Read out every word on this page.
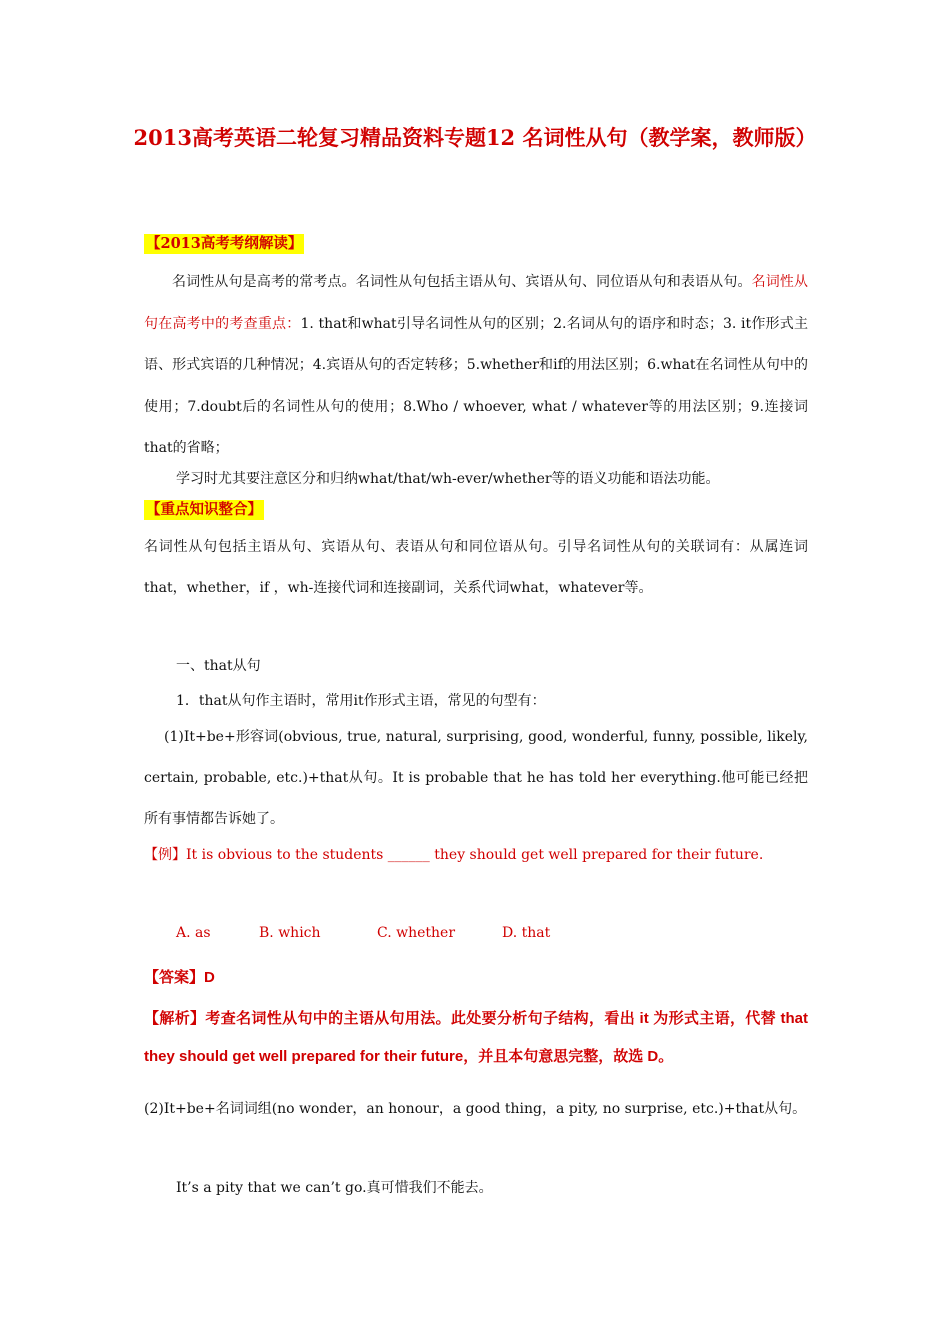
2013高考英语二轮复习精品资料专题12 名词性从句（教学案，教师版）
【2013高考考纲解读】
名词性从句是高考的常考点。名词性从句包括主语从句、宾语从句、同位语从句和表语从句。名词性从句在高考中的考查重点：1. that和what引导名词性从句的区别；2.名词从句的语序和时态；3. it作形式主语、形式宾语的几种情况；4.宾语从句的否定转移；5.whether和if的用法区别；6.what在名词性从句中的使用；7.doubt后的名词性从句的使用；8.Who / whoever, what / whatever等的用法区别；9.连接词that的省略；
学习时尤其要注意区分和归纳what/that/wh-ever/whether等的语义功能和语法功能。
【重点知识整合】
名词性从句包括主语从句、宾语从句、表语从句和同位语从句。引导名词性从句的关联词有：从属连词that，whether，if ，wh-连接代词和连接副词，关系代词what，whatever等。
一、that从句
1．that从句作主语时，常用it作形式主语，常见的句型有：
(1)It+be+形容词(obvious, true, natural, surprising, good, wonderful, funny, possible, likely, certain, probable, etc.)+that从句。It is probable that he has told her everything.他可能已经把所有事情都告诉她了。
【例】It is obvious to the students ______ they should get well prepared for their future.
A. as	B. which	C. whether	D. that
【答案】D
【解析】考查名词性从句中的主语从句用法。此处要分析句子结构，看出 it 为形式主语，代替 that they should get well prepared for their future，并且本句意思完整，故选 D。
(2)It+be+名词词组(no wonder，an honour，a good thing，a pity, no surprise, etc.)+that从句。
It’s a pity that we can’t go.真可惜我们不能去。
